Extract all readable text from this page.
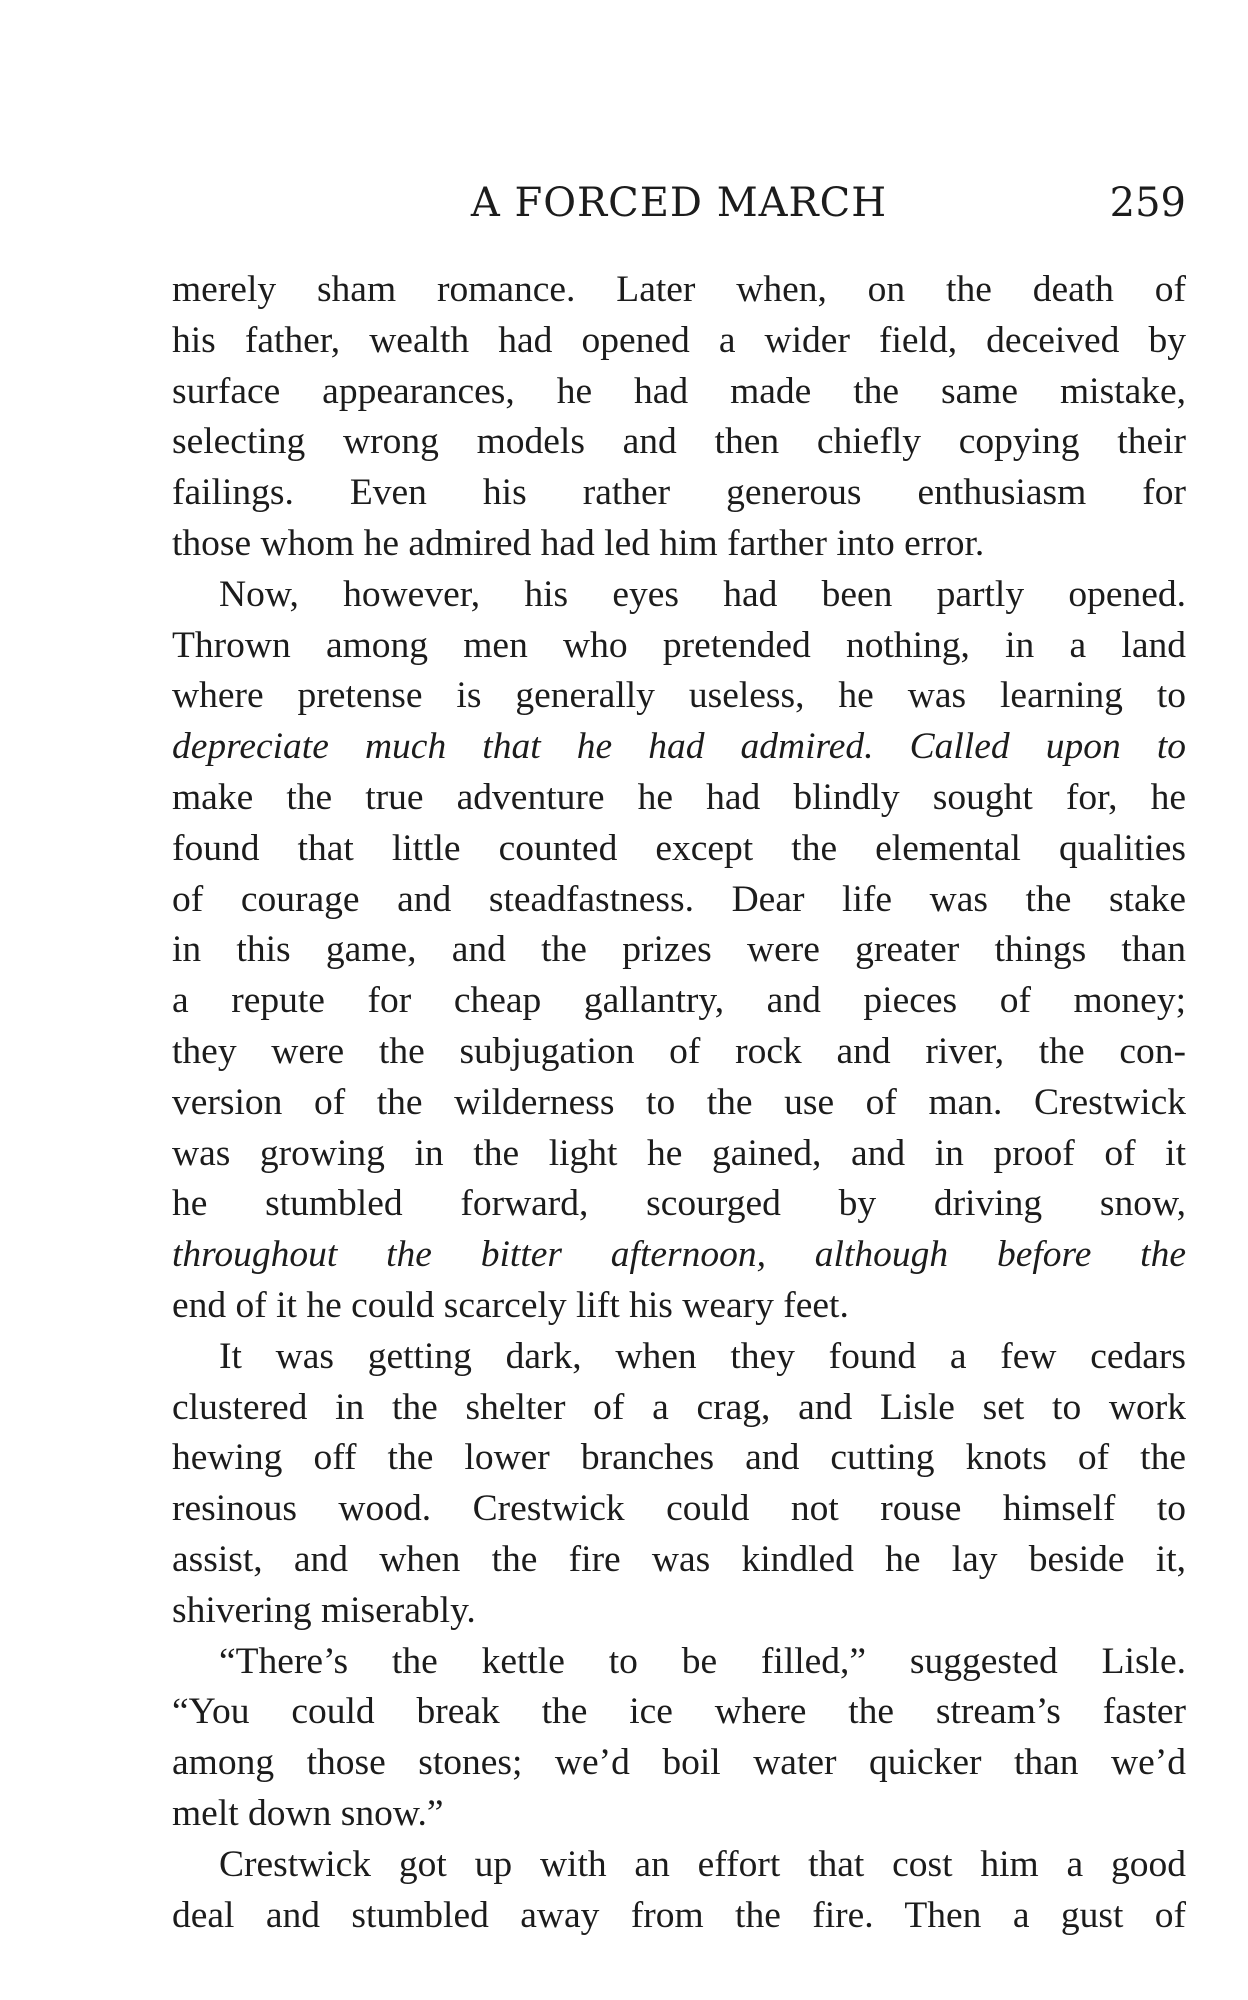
A FORCED MARCH	259
merely sham romance. Later when, on the death of
his father, wealth had opened a wider field, deceived by
surface appearances, he had made the same mistake,
selecting wrong models and then chiefly copying their
failings. Even his rather generous enthusiasm for
those whom he admired had led him farther into error.
Now, however, his eyes had been partly opened.
Thrown among men who pretended nothing, in a land
where pretense is generally useless, he was learning to
depreciate much that he had admired. Called upon to
make the true adventure he had blindly sought for, he
found that little counted except the elemental qualities
of courage and steadfastness. Dear life was the stake
in this game, and the prizes were greater things than
a repute for cheap gallantry, and pieces of money;
they were the subjugation of rock and river, the con-
version of the wilderness to the use of man. Crestwick
was growing in the light he gained, and in proof of it
he stumbled forward, scourged by driving snow,
throughout the bitter afternoon, although before the
end of it he could scarcely lift his weary feet.
It was getting dark, when they found a few cedars
clustered in the shelter of a crag, and Lisle set to work
hewing off the lower branches and cutting knots of the
resinous wood. Crestwick could not rouse himself to
assist, and when the fire was kindled he lay beside it,
shivering miserably.
“There’s the kettle to be filled,” suggested Lisle.
“You could break the ice where the stream’s faster
among those stones; we’d boil water quicker than we’d
melt down snow.”
Crestwick got up with an effort that cost him a good
deal and stumbled away from the fire. Then a gust of
